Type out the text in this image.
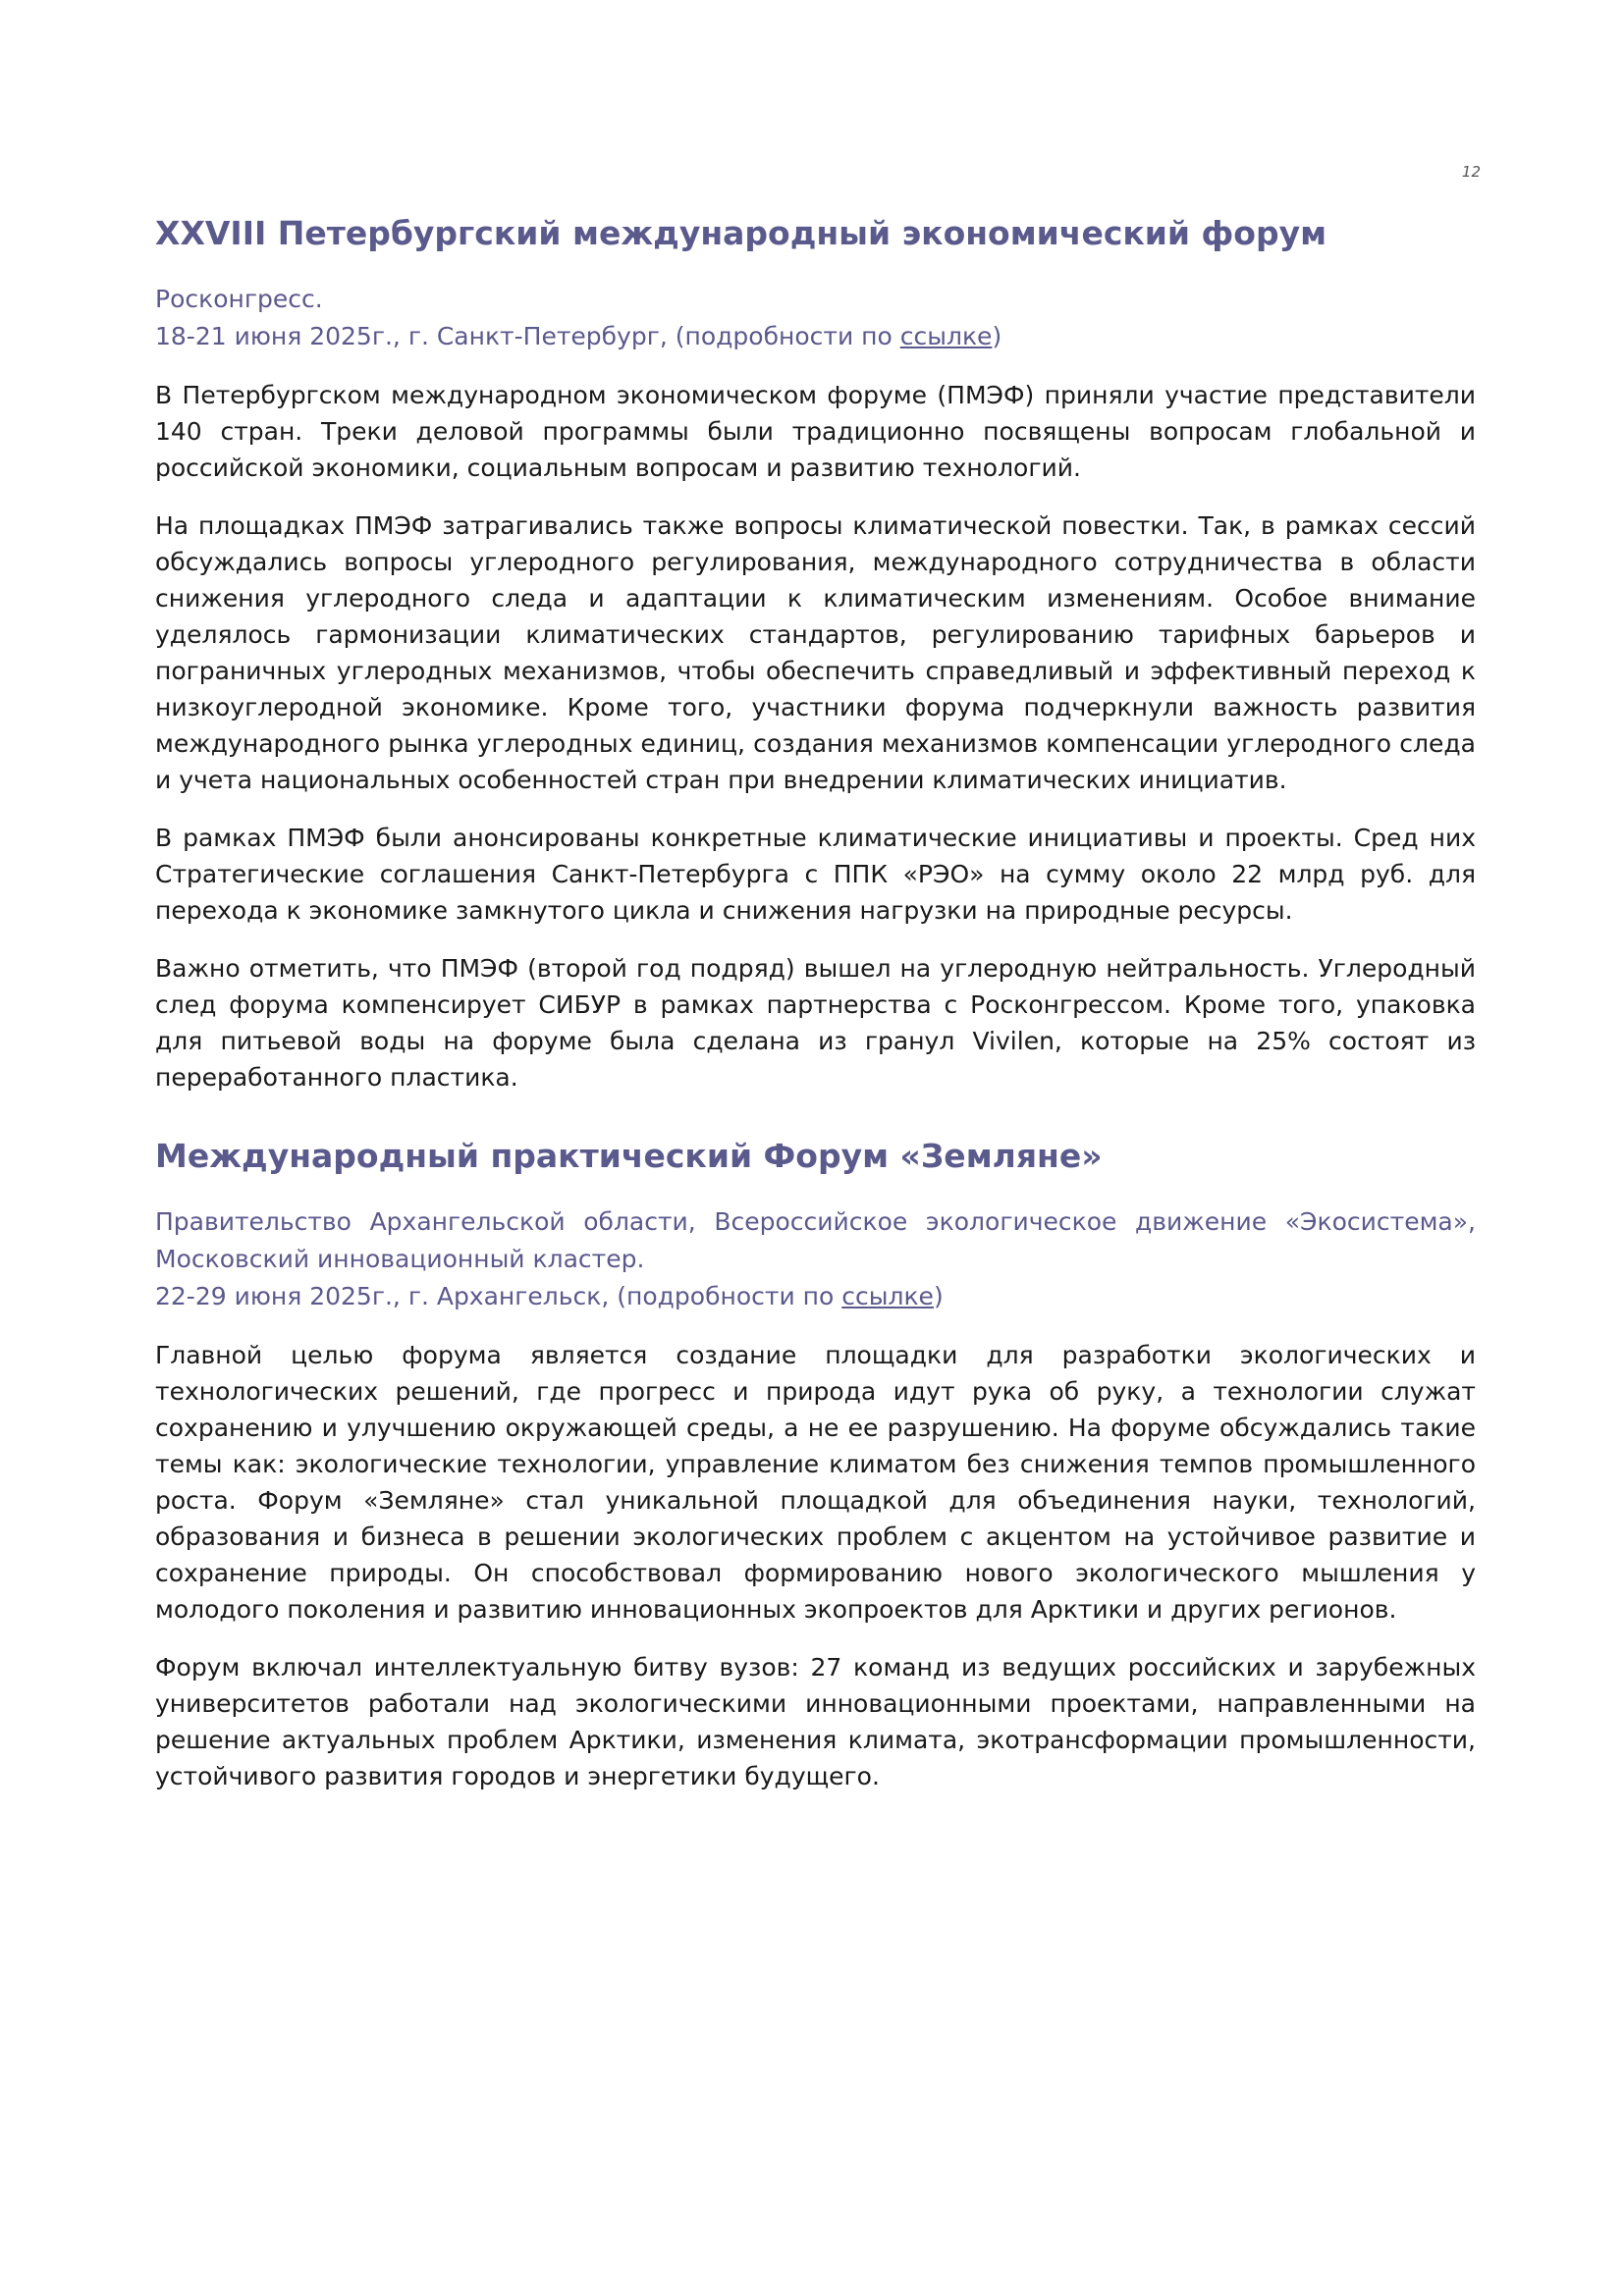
12
XXVIII Петербургский международный экономический форум
Росконгресс.
18-21 июня 2025г., г. Санкт-Петербург, (подробности по ссылке)

В Петербургском международном экономическом форуме (ПМЭФ) приняли участие представители 140 стран. Треки деловой программы были традиционно посвящены вопросам глобальной и российской экономики, социальным вопросам и развитию технологий.

На площадках ПМЭФ затрагивались также вопросы климатической повестки. Так, в рамках сессий обсуждались вопросы углеродного регулирования, международного сотрудничества в области снижения углеродного следа и адаптации к климатическим изменениям. Особое внимание уделялось гармонизации климатических стандартов, регулированию тарифных барьеров и пограничных углеродных механизмов, чтобы обеспечить справедливый и эффективный переход к низкоуглеродной экономике. Кроме того, участники форума подчеркнули важность развития международного рынка углеродных единиц, создания механизмов компенсации углеродного следа и учета национальных особенностей стран при внедрении климатических инициатив.

В рамках ПМЭФ были анонсированы конкретные климатические инициативы и проекты. Сред них Стратегические соглашения Санкт-Петербурга с ППК «РЭО» на сумму около 22 млрд руб. для перехода к экономике замкнутого цикла и снижения нагрузки на природные ресурсы.

Важно отметить, что ПМЭФ (второй год подряд) вышел на углеродную нейтральность. Углеродный след форума компенсирует СИБУР в рамках партнерства с Росконгрессом. Кроме того, упаковка для питьевой воды на форуме была сделана из гранул Vivilen, которые на 25% состоят из переработанного пластика.

Международный практический Форум «Земляне»
Правительство Архангельской области, Всероссийское экологическое движение «Экосистема», Московский инновационный кластер.
22-29 июня 2025г., г. Архангельск, (подробности по ссылке)

Главной целью форума является создание площадки для разработки экологических и технологических решений, где прогресс и природа идут рука об руку, а технологии служат сохранению и улучшению окружающей среды, а не ее разрушению. На форуме обсуждались такие темы как: экологические технологии, управление климатом без снижения темпов промышленного роста. Форум «Земляне» стал уникальной площадкой для объединения науки, технологий, образования и бизнеса в решении экологических проблем с акцентом на устойчивое развитие и сохранение природы. Он способствовал формированию нового экологического мышления у молодого поколения и развитию инновационных экопроектов для Арктики и других регионов.

Форум включал интеллектуальную битву вузов: 27 команд из ведущих российских и зарубежных университетов работали над экологическими инновационными проектами, направленными на решение актуальных проблем Арктики, изменения климата, экотрансформации промышленности, устойчивого развития городов и энергетики будущего.
